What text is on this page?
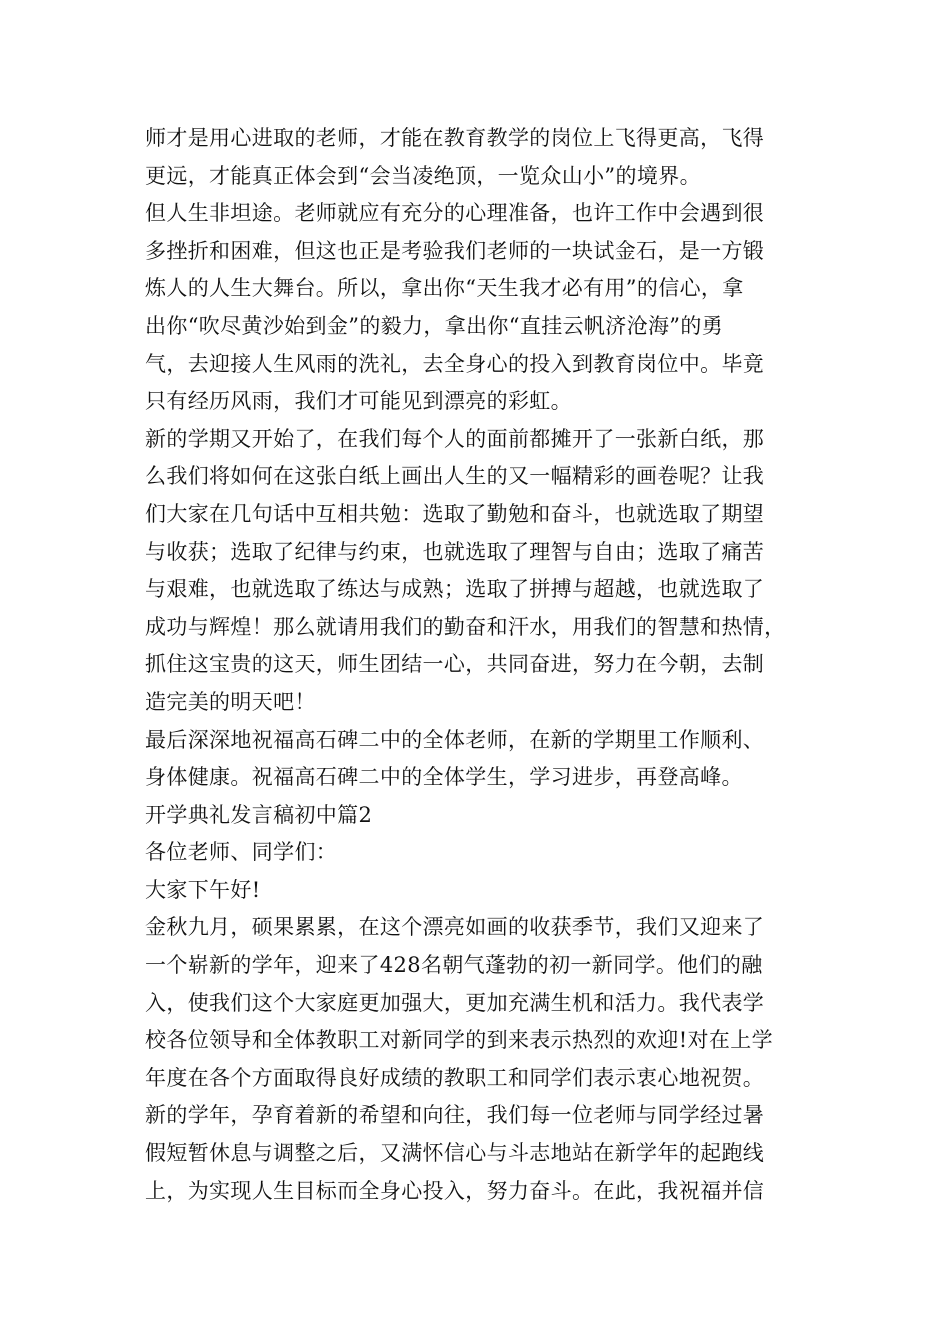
师才是用心进取的老师，才能在教育教学的岗位上飞得更高，飞得
更远，才能真正体会到“会当凌绝顶，一览众山小”的境界。
但人生非坦途。老师就应有充分的心理准备，也许工作中会遇到很
多挫折和困难，但这也正是考验我们老师的一块试金石，是一方锻
炼人的人生大舞台。所以，拿出你“天生我才必有用”的信心，拿
出你“吹尽黄沙始到金”的毅力，拿出你“直挂云帆济沧海”的勇
气，去迎接人生风雨的洗礼，去全身心的投入到教育岗位中。毕竟
只有经历风雨，我们才可能见到漂亮的彩虹。
新的学期又开始了，在我们每个人的面前都摊开了一张新白纸，那
么我们将如何在这张白纸上画出人生的又一幅精彩的画卷呢？让我
们大家在几句话中互相共勉：选取了勤勉和奋斗，也就选取了期望
与收获；选取了纪律与约束，也就选取了理智与自由；选取了痛苦
与艰难，也就选取了练达与成熟；选取了拼搏与超越，也就选取了
成功与辉煌！那么就请用我们的勤奋和汗水，用我们的智慧和热情，
抓住这宝贵的这天，师生团结一心，共同奋进，努力在今朝，去制
造完美的明天吧！
最后深深地祝福高石碑二中的全体老师，在新的学期里工作顺利、
身体健康。祝福高石碑二中的全体学生，学习进步，再登高峰。
开学典礼发言稿初中篇2
各位老师、同学们：
大家下午好!
金秋九月，硕果累累，在这个漂亮如画的收获季节，我们又迎来了
一个崭新的学年，迎来了428名朝气蓬勃的初一新同学。他们的融
入，使我们这个大家庭更加强大，更加充满生机和活力。我代表学
校各位领导和全体教职工对新同学的到来表示热烈的欢迎!对在上学
年度在各个方面取得良好成绩的教职工和同学们表示衷心地祝贺。
新的学年，孕育着新的希望和向往，我们每一位老师与同学经过暑
假短暂休息与调整之后，又满怀信心与斗志地站在新学年的起跑线
上，为实现人生目标而全身心投入，努力奋斗。在此，我祝福并信
